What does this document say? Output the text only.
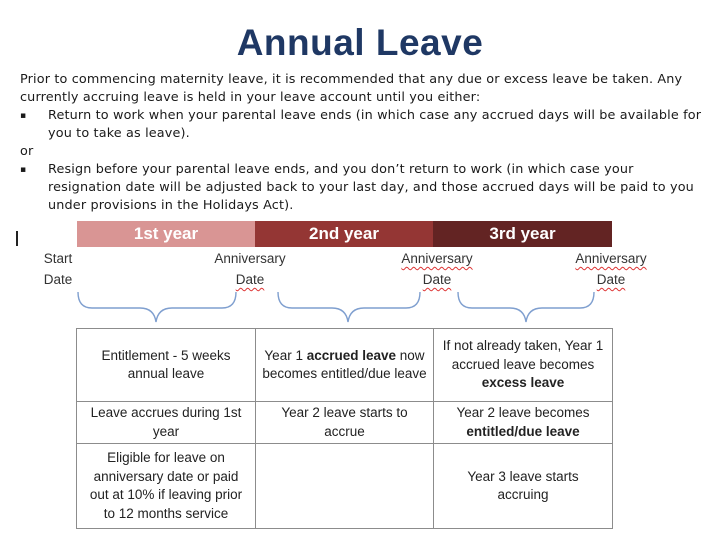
Annual Leave

Prior to commencing maternity leave, it is recommended that any due or excess leave be taken. Any currently accruing leave is held in your leave account until you either:

▪ Return to work when your parental leave ends (in which case any accrued days will be available for you to take as leave).

or

▪ Resign before your parental leave ends, and you don’t return to work (in which case your resignation date will be adjusted back to your last day, and those accrued days will be paid to you under provisions in the Holidays Act).

1st year	2nd year	3rd year
Start
Date
Anniversary
Date
Anniversary Date
Anniversary Date
Entitlement - 5 weeks annual leave	Year 1 accrued leave now becomes entitled/due leave	If not already taken, Year 1 accrued leave becomes excess leave
Leave accrues during 1st year	Year 2 leave starts to accrue	Year 2 leave becomes entitled/due leave
Eligible for leave on anniversary date or paid out at 10% if leaving prior to 12 months service		Year 3 leave starts accruing
